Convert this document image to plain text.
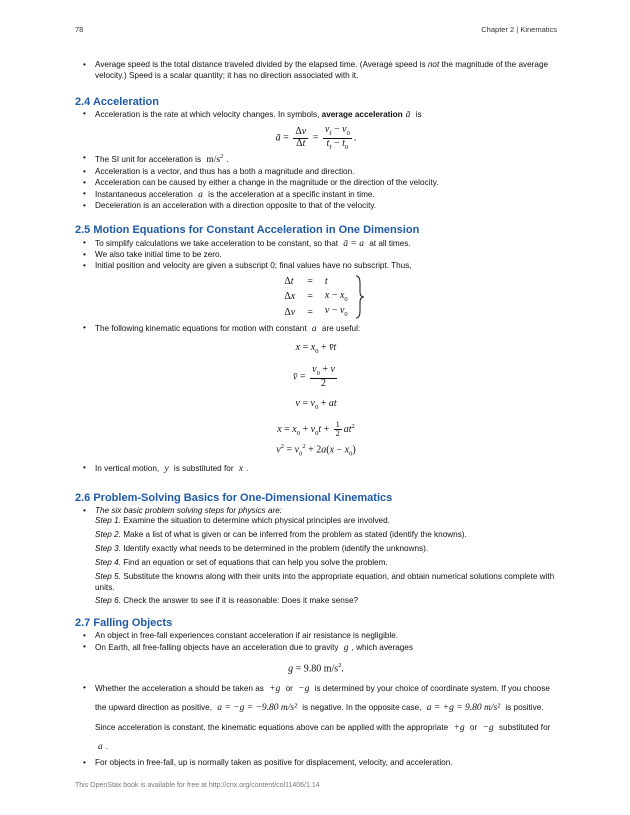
78	Chapter 2 | Kinematics
• Average speed is the total distance traveled divided by the elapsed time. (Average speed is not the magnitude of the average velocity.) Speed is a scalar quantity; it has no direction associated with it.
2.4 Acceleration
• Acceleration is the rate at which velocity changes. In symbols, average acceleration ā is
ā = $\frac{\Delta v}{\Delta t} = \frac{v_f - v_0}{t_f - t_0}$ .
• The SI unit for acceleration is $m/s^2$ .
• Acceleration is a vector, and thus has a both a magnitude and direction.
• Acceleration can be caused by either a change in the magnitude or the direction of the velocity.
• Instantaneous acceleration a is the acceleration at a specific instant in time.
• Deceleration is an acceleration with a direction opposite to that of the velocity.
2.5 Motion Equations for Constant Acceleration in One Dimension
• To simplify calculations we take acceleration to be constant, so that ā = a at all times.
• We also take initial time to be zero.
• Initial position and velocity are given a subscript 0; final values have no subscript. Thus,
Δt	=	t
Δx	=	$x - x_0$
Δv	=	$v - v_0$
• The following kinematic equations for motion with constant a are useful:
$x = x_0$ + v̄t
v̄ = $\frac{v_0 + v}{2}$
$v = v_0$ + at
$x = x_0 + v_0t + \frac{1}{2} at^2$
$v^2 = v_0^2 + 2a(x - x_0)$
• In vertical motion, y is substituted for x .
2.6 Problem-Solving Basics for One-Dimensional Kinematics
• The six basic problem solving steps for physics are:
Step 1. Examine the situation to determine which physical principles are involved.
Step 2. Make a list of what is given or can be inferred from the problem as stated (identify the knowns).
Step 3. Identify exactly what needs to be determined in the problem (identify the unknowns).
Step 4. Find an equation or set of equations that can help you solve the problem.
Step 5. Substitute the knowns along with their units into the appropriate equation, and obtain numerical solutions complete with units.
Step 6. Check the answer to see if it is reasonable: Does it make sense?
2.7 Falling Objects
• An object in free-fall experiences constant acceleration if air resistance is negligible.
• On Earth, all free-falling objects have an acceleration due to gravity g , which averages
g = 9.80 $m/s^2$.
• Whether the acceleration a should be taken as +g or −g is determined by your choice of coordinate system. If you choose the upward direction as positive, a = −g = −9.80 m/s² is negative. In the opposite case, a = +g = 9.80 m/s² is positive. Since acceleration is constant, the kinematic equations above can be applied with the appropriate +g or −g substituted for a .
• For objects in free-fall, up is normally taken as positive for displacement, velocity, and acceleration.
This OpenStax book is available for free at http://cnx.org/content/col11406/1.14
